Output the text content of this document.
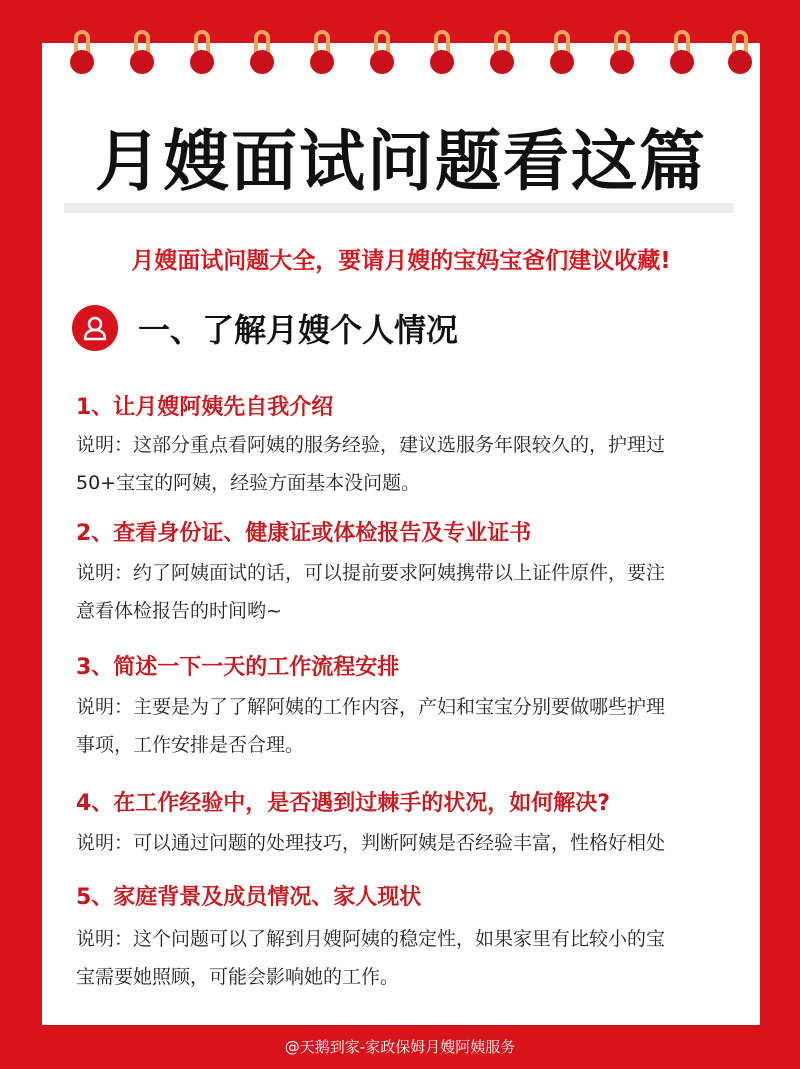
月嫂面试问题看这篇

月嫂面试问题大全，要请月嫂的宝妈宝爸们建议收藏!

一、了解月嫂个人情况

1、让月嫂阿姨先自我介绍

说明：这部分重点看阿姨的服务经验，建议选服务年限较久的，护理过
50+宝宝的阿姨，经验方面基本没问题。

2、查看身份证、健康证或体检报告及专业证书

说明：约了阿姨面试的话，可以提前要求阿姨携带以上证件原件，要注
意看体检报告的时间哟~

3、简述一下一天的工作流程安排

说明：主要是为了了解阿姨的工作内容，产妇和宝宝分别要做哪些护理
事项，工作安排是否合理。

4、在工作经验中，是否遇到过棘手的状况，如何解决?

说明：可以通过问题的处理技巧，判断阿姨是否经验丰富，性格好相处

5、家庭背景及成员情况、家人现状

说明：这个问题可以了解到月嫂阿姨的稳定性，如果家里有比较小的宝
宝需要她照顾，可能会影响她的工作。

@天鹅到家-家政保姆月嫂阿姨服务
